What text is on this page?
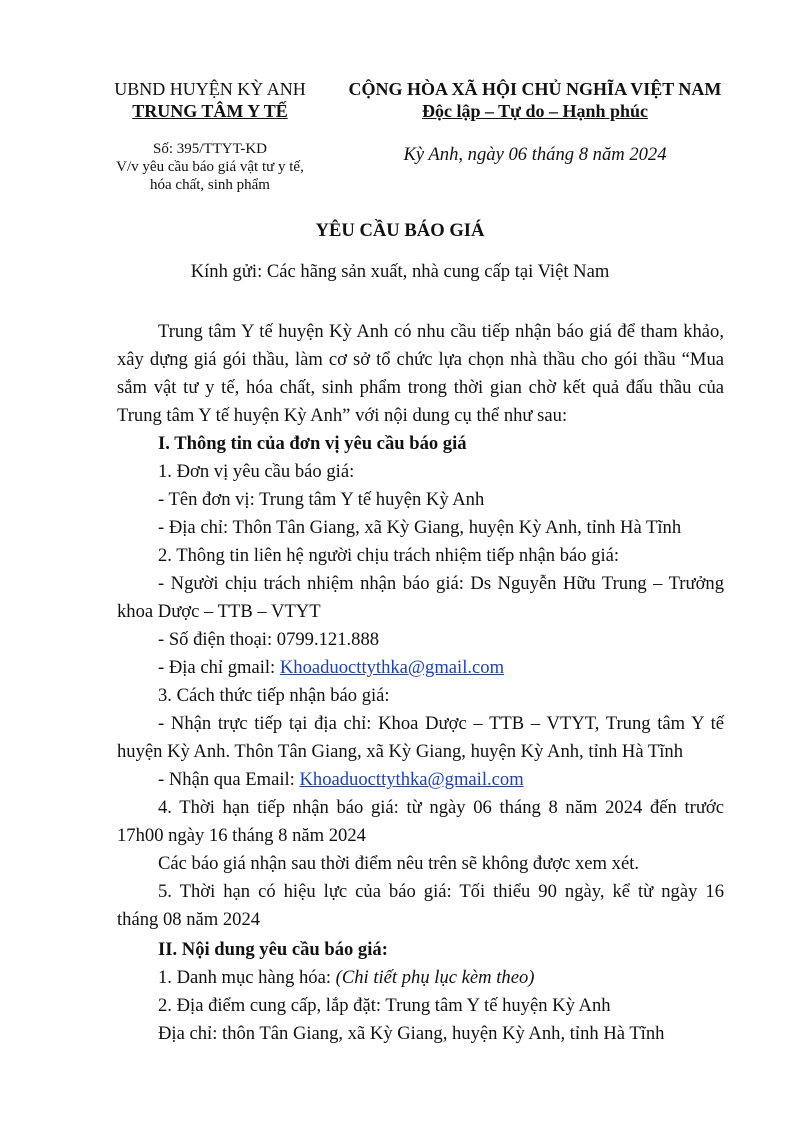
UBND HUYỆN KỲ ANH
TRUNG TÂM Y TẾ
CỘNG HÒA XÃ HỘI CHỦ NGHĨA VIỆT NAM
Độc lập – Tự do – Hạnh phúc
Số: 395/TTYT-KD
V/v yêu cầu báo giá vật tư y tế,
hóa chất, sinh phẩm
Kỳ Anh, ngày 06 tháng 8 năm 2024
YÊU CẦU BÁO GIÁ
Kính gửi: Các hãng sản xuất, nhà cung cấp tại Việt Nam
Trung tâm Y tế huyện Kỳ Anh có nhu cầu tiếp nhận báo giá để tham khảo,
xây dựng giá gói thầu, làm cơ sở tổ chức lựa chọn nhà thầu cho gói thầu “Mua
sắm vật tư y tế, hóa chất, sinh phẩm trong thời gian chờ kết quả đấu thầu của
Trung tâm Y tế huyện Kỳ Anh” với nội dung cụ thể như sau:
I. Thông tin của đơn vị yêu cầu báo giá
1. Đơn vị yêu cầu báo giá:
- Tên đơn vị: Trung tâm Y tế huyện Kỳ Anh
- Địa chỉ: Thôn Tân Giang, xã Kỳ Giang, huyện Kỳ Anh, tỉnh Hà Tĩnh
2. Thông tin liên hệ người chịu trách nhiệm tiếp nhận báo giá:
- Người chịu trách nhiệm nhận báo giá: Ds Nguyễn Hữu Trung – Trưởng
khoa Dược – TTB – VTYT
- Số điện thoại: 0799.121.888
- Địa chỉ gmail: Khoaduocttythka@gmail.com
3. Cách thức tiếp nhận báo giá:
- Nhận trực tiếp tại địa chỉ: Khoa Dược – TTB – VTYT, Trung tâm Y tế
huyện Kỳ Anh. Thôn Tân Giang, xã Kỳ Giang, huyện Kỳ Anh, tỉnh Hà Tĩnh
- Nhận qua Email: Khoaduocttythka@gmail.com
4. Thời hạn tiếp nhận báo giá: từ ngày 06 tháng 8 năm 2024 đến trước
17h00 ngày 16 tháng 8 năm 2024
Các báo giá nhận sau thời điểm nêu trên sẽ không được xem xét.
5. Thời hạn có hiệu lực của báo giá: Tối thiểu 90 ngày, kể từ ngày 16
tháng 08 năm 2024
II. Nội dung yêu cầu báo giá:
1. Danh mục hàng hóa: (Chi tiết phụ lục kèm theo)
2. Địa điểm cung cấp, lắp đặt: Trung tâm Y tế huyện Kỳ Anh
Địa chỉ: thôn Tân Giang, xã Kỳ Giang, huyện Kỳ Anh, tỉnh Hà Tĩnh
